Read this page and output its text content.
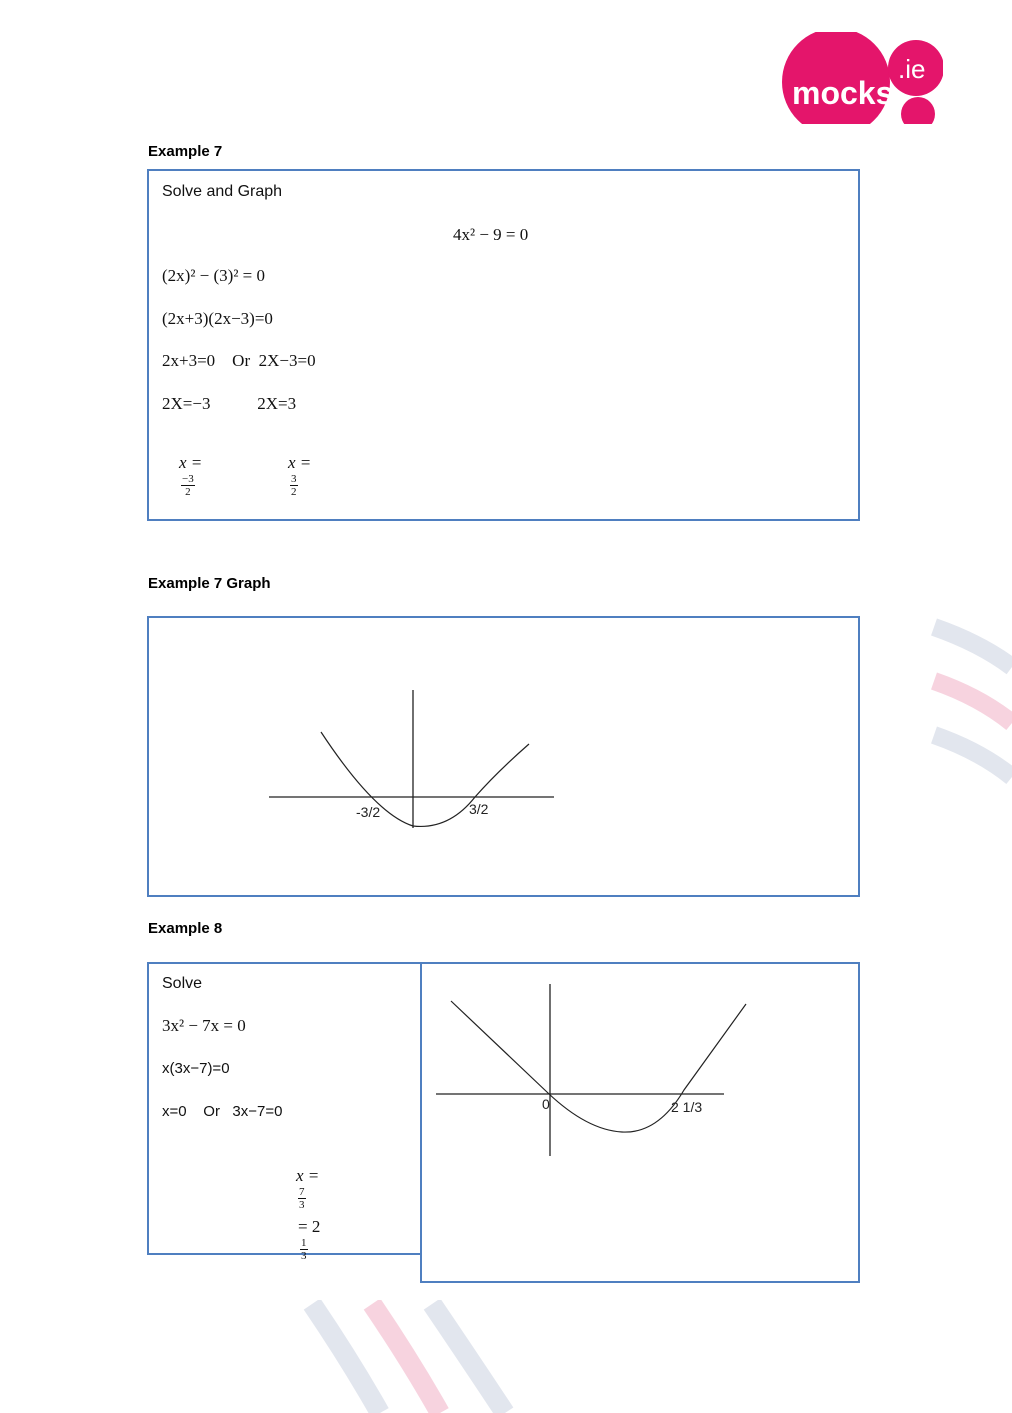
mocks
.ie
Example 7
Solve and Graph
4x² − 9 = 0
(2x)² − (3)² = 0
(2x+3)(2x−3)=0
2x+3=0    Or  2X−3=0
2X=−3           2X=3

x =

$\frac{-3}{2}$

x =

$\frac{3}{2}$

Example 7 Graph
-3/2	3/2
Example 8
Solve
3x² − 7x = 0
x(3x−7)=0
x=0    Or   3x−7=0

x =

$\frac{7}{3}$

= 2

$\frac{1}{3}$

0	2 1/3
